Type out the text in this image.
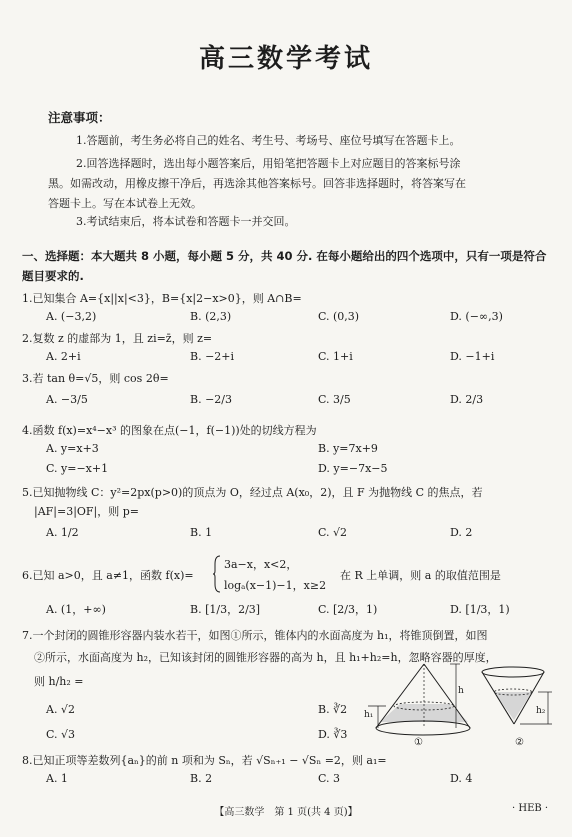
高三数学考试
注意事项：
1.答题前，考生务必将自己的姓名、考生号、考场号、座位号填写在答题卡上。
2.回答选择题时，选出每小题答案后，用铅笔把答题卡上对应题目的答案标号涂
黑。如需改动，用橡皮擦干净后，再选涂其他答案标号。回答非选择题时，将答案写在
答题卡上。写在本试卷上无效。
3.考试结束后，将本试卷和答题卡一并交回。
一、选择题：本大题共 8 小题，每小题 5 分，共 40 分. 在每小题给出的四个选项中，只有一项是符合题目要求的.
1.已知集合 A={x||x|<3}，B={x|2−x>0}，则 A∩B=
A. (−3,2)	B. (2,3)	C. (0,3)	D. (−∞,3)
2.复数 z 的虚部为 1，且 zi=z̄，则 z=
A. 2+i	B. −2+i	C. 1+i	D. −1+i
3.若 tan θ=√5，则 cos 2θ=
A. −3/5	B. −2/3	C. 3/5	D. 2/3
4.函数 f(x)=x⁴−x³ 的图象在点(−1，f(−1))处的切线方程为
A. y=x+3	B. y=7x+9
C. y=−x+1	D. y=−7x−5
5.已知抛物线 C：y²=2px(p>0)的顶点为 O，经过点 A(x₀，2)，且 F 为抛物线 C 的焦点，若
|AF|=3|OF|，则 p=
A. 1/2	B. 1	C. √2	D. 2
6.已知 a>0，且 a≠1，函数 f(x)=
3a−x，x<2，
logₐ(x−1)−1，x≥2
在 R 上单调，则 a 的取值范围是
A. (1，+∞)	B. [1/3，2/3]	C. [2/3，1)	D. [1/3，1)
7.一个封闭的圆锥形容器内装水若干，如图①所示，锥体内的水面高度为 h₁，将锥顶倒置，如图
②所示，水面高度为 h₂，已知该封闭的圆锥形容器的高为 h，且 h₁+h₂=h，忽略容器的厚度，
则 h/h₂ =
A. √2	B. ∛2
C. √3	D. ∛3
h
h₁
①
h₂
②
8.已知正项等差数列{aₙ}的前 n 项和为 Sₙ，若 √Sₙ₊₁ − √Sₙ =2，则 a₁=
A. 1	B. 2	C. 3	D. 4
【高三数学　第 1 页(共 4 页)】	· HEB ·
